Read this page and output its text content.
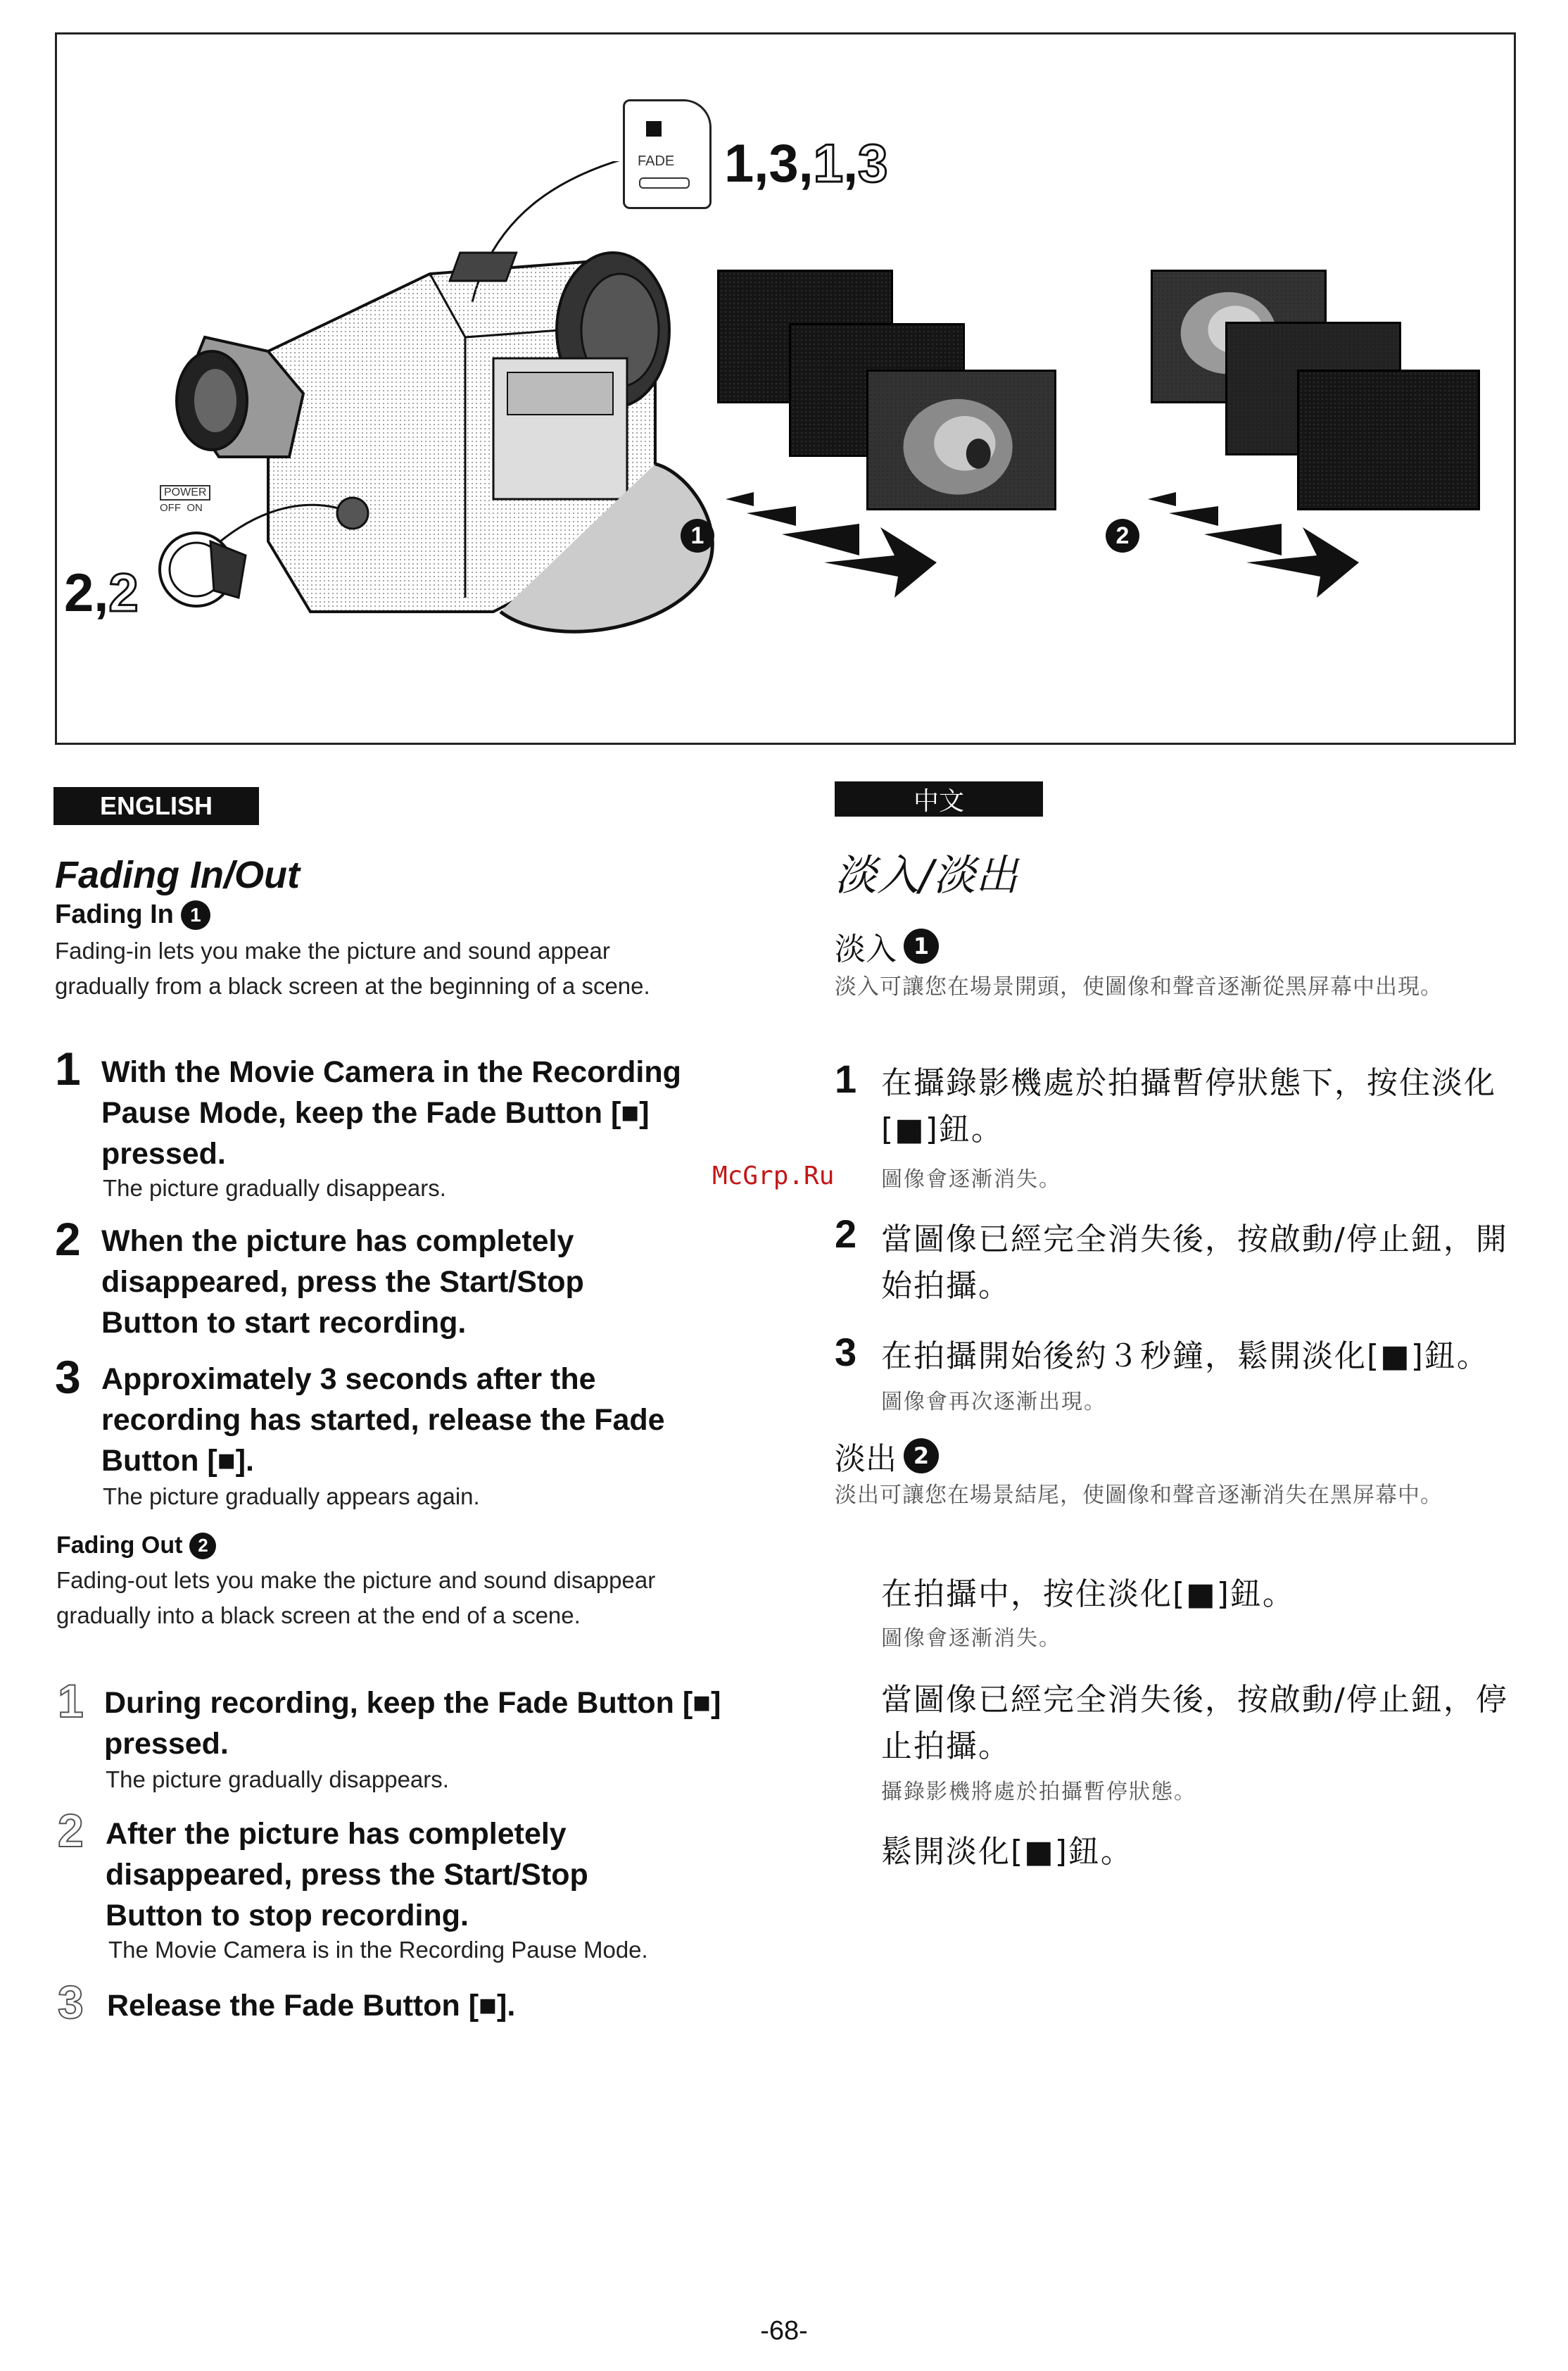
FADE 1,3,1,3
POWER
OFF  ON
2,2
1	2
ENGLISH
Fading In/Out
Fading In 1
Fading-in lets you make the picture and sound appear gradually from a black screen at the beginning of a scene.
1 With the Movie Camera in the Recording Pause Mode, keep the Fade Button [■] pressed.
The picture gradually disappears.
2 When the picture has completely disappeared, press the Start/Stop Button to start recording.
3 Approximately 3 seconds after the recording has started, release the Fade Button [■].
The picture gradually appears again.
Fading Out 2
Fading-out lets you make the picture and sound disappear gradually into a black screen at the end of a scene.
1 During recording, keep the Fade Button [■] pressed.
The picture gradually disappears.
2 After the picture has completely disappeared, press the Start/Stop Button to stop recording.
The Movie Camera is in the Recording Pause Mode.
3 Release the Fade Button [■].
McGrp.Ru
中文
淡入/淡出
淡入 1
淡入可讓您在場景開頭，使圖像和聲音逐漸從黑屏幕中出現。
1 在攝錄影機處於拍攝暫停狀態下，按住淡化[■]鈕。
圖像會逐漸消失。
2 當圖像已經完全消失後，按啟動/停止鈕，開始拍攝。
3 在拍攝開始後約３秒鐘，鬆開淡化[■]鈕。
圖像會再次逐漸出現。
淡出 2
淡出可讓您在場景結尾，使圖像和聲音逐漸消失在黑屏幕中。
在拍攝中，按住淡化[■]鈕。
圖像會逐漸消失。
當圖像已經完全消失後，按啟動/停止鈕，停止拍攝。
攝錄影機將處於拍攝暫停狀態。
鬆開淡化[■]鈕。
-68-
